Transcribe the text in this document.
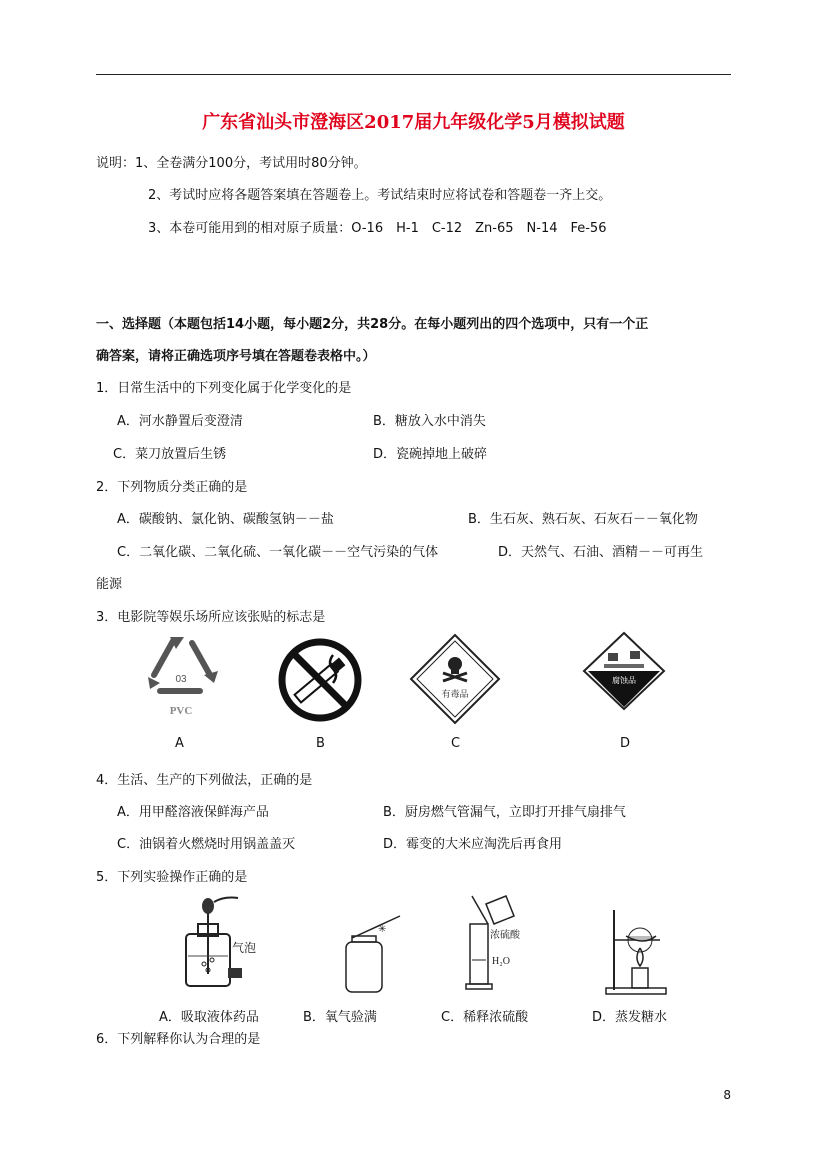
广东省汕头市澄海区2017届九年级化学5月模拟试题
说明：1、全卷满分100分，考试用时80分钟。
2、考试时应将各题答案填在答题卷上。考试结束时应将试卷和答题卷一齐上交。
3、本卷可能用到的相对原子质量：O-16　H-1　C-12　Zn-65　N-14　Fe-56
一、选择题（本题包括14小题，每小题2分，共28分。在每小题列出的四个选项中，只有一个正
确答案，请将正确选项序号填在答题卷表格中。）
1．日常生活中的下列变化属于化学变化的是
A．河水静置后变澄清	B．糖放入水中消失
C．菜刀放置后生锈	D．瓷碗掉地上破碎
2．下列物质分类正确的是
A．碳酸钠、氯化钠、碳酸氢钠－－盐	B．生石灰、熟石灰、石灰石－－氧化物
C．二氧化碳、二氧化硫、一氧化碳－－空气污染的气体	D．天然气、石油、酒精－－可再生
能源
3．电影院等娱乐场所应该张贴的标志是
03
PVC
有毒品
腐蚀品
A	B	C	D
4．生活、生产的下列做法，正确的是
A．用甲醛溶液保鲜海产品	B．厨房燃气管漏气，立即打开排气扇排气
C．油锅着火燃烧时用锅盖盖灭	D．霉变的大米应淘洗后再食用
5．下列实验操作正确的是
气泡
✳
浓硫酸
H₂O
A．吸取液体药品	B．氧气验满	C．稀释浓硫酸	D．蒸发糖水
6．下列解释你认为合理的是
8
